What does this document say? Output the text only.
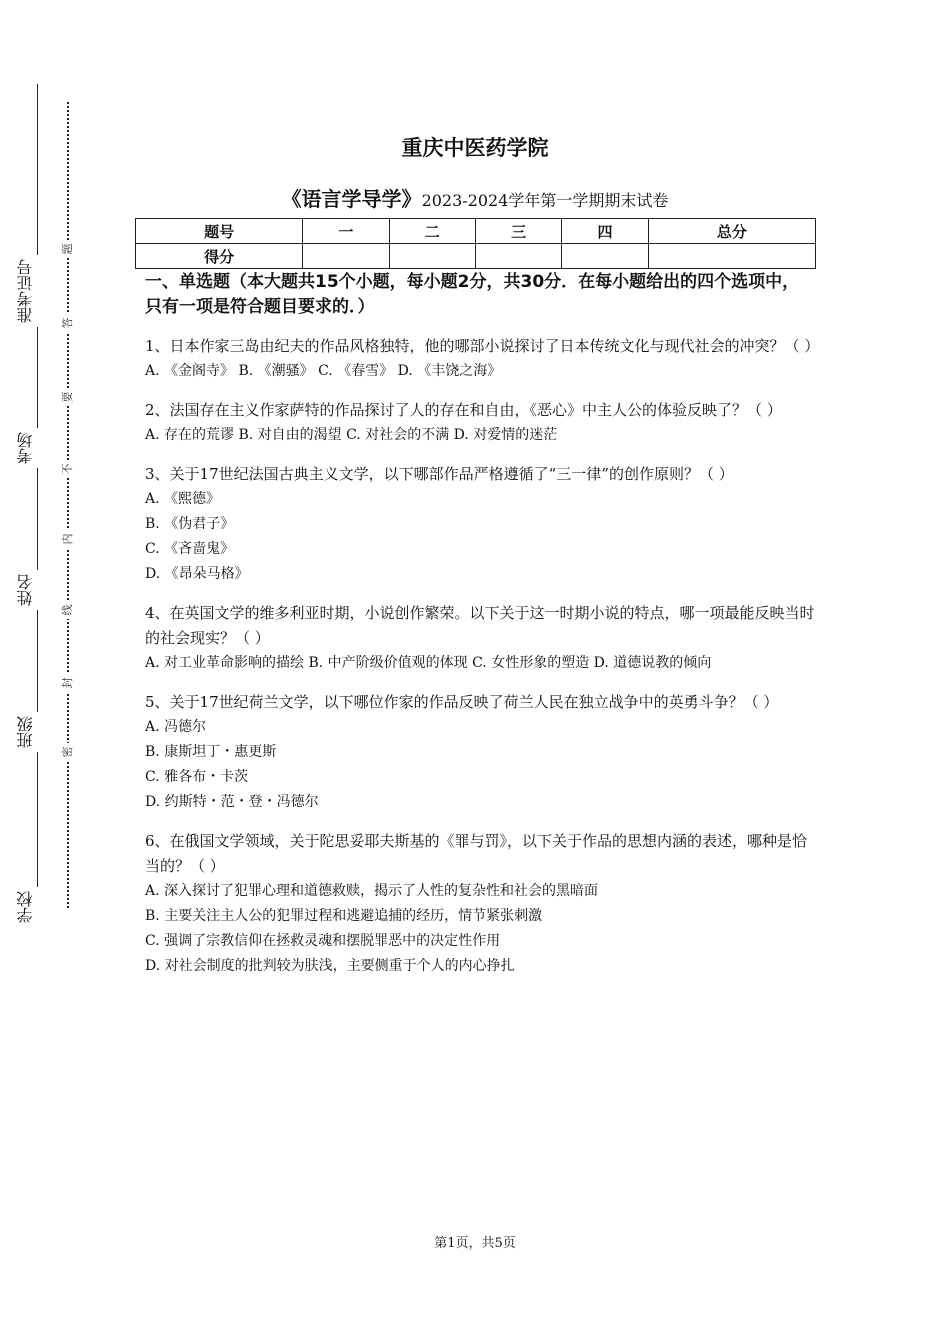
准考证号
考场
姓名
班级
学校
题
答
要
不
内
线
封
密
重庆中医药学院
《语言学导学》2023-2024学年第一学期期末试卷
题号	一	二	三	四	总分
得分					
一、单选题（本大题共15个小题，每小题2分，共30分．在每小题给出的四个选项中，只有一项是符合题目要求的．）
1、日本作家三岛由纪夫的作品风格独特，他的哪部小说探讨了日本传统文化与现代社会的冲突？（ ）
A. 《金阁寺》 B. 《潮骚》 C. 《春雪》 D. 《丰饶之海》
2、法国存在主义作家萨特的作品探讨了人的存在和自由，《恶心》中主人公的体验反映了？（ ）
A. 存在的荒谬 B. 对自由的渴望 C. 对社会的不满 D. 对爱情的迷茫
3、关于17世纪法国古典主义文学，以下哪部作品严格遵循了“三一律”的创作原则？（ ）
A. 《熙德》
B. 《伪君子》
C. 《吝啬鬼》
D. 《昂朵马格》
4、在英国文学的维多利亚时期，小说创作繁荣。以下关于这一时期小说的特点，哪一项最能反映当时的社会现实？（ ）
A. 对工业革命影响的描绘 B. 中产阶级价值观的体现 C. 女性形象的塑造 D. 道德说教的倾向
5、关于17世纪荷兰文学，以下哪位作家的作品反映了荷兰人民在独立战争中的英勇斗争？（ ）
A. 冯德尔
B. 康斯坦丁・惠更斯
C. 雅各布・卡茨
D. 约斯特・范・登・冯德尔
6、在俄国文学领域，关于陀思妥耶夫斯基的《罪与罚》，以下关于作品的思想内涵的表述，哪种是恰当的？（ ）
A. 深入探讨了犯罪心理和道德救赎，揭示了人性的复杂性和社会的黑暗面
B. 主要关注主人公的犯罪过程和逃避追捕的经历，情节紧张刺激
C. 强调了宗教信仰在拯救灵魂和摆脱罪恶中的决定性作用
D. 对社会制度的批判较为肤浅，主要侧重于个人的内心挣扎
第1页，共5页
